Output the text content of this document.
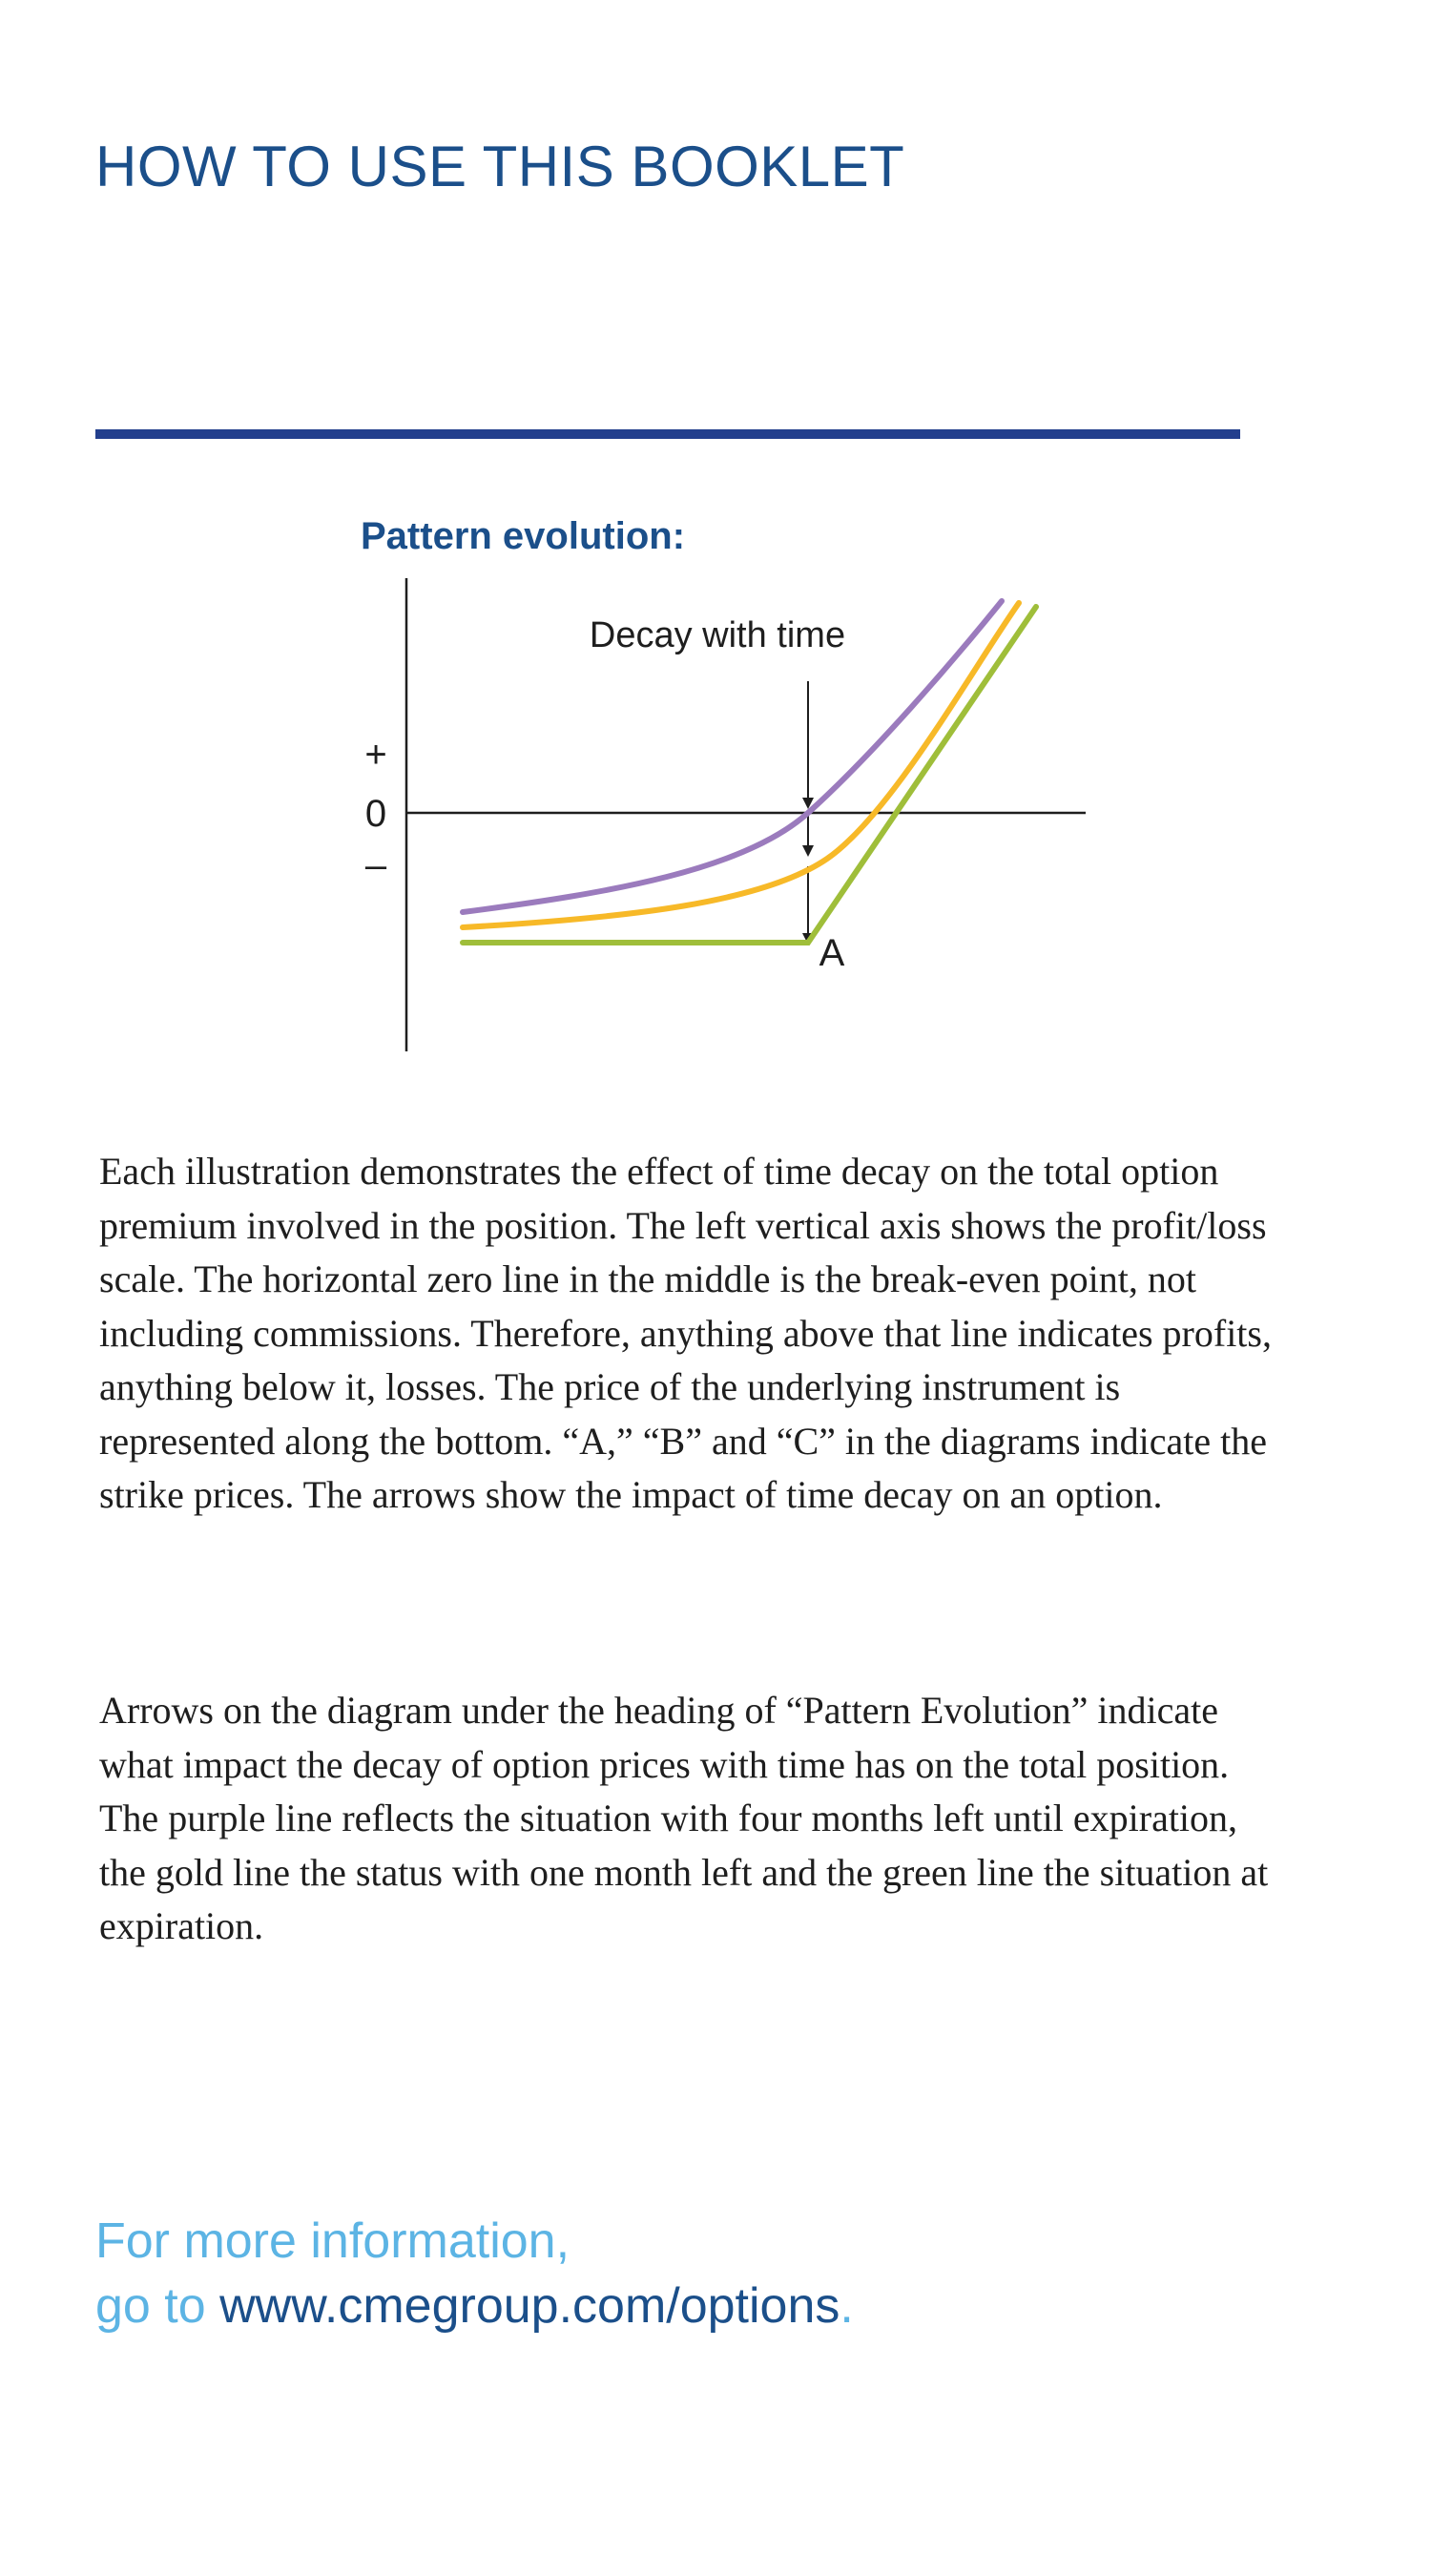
HOW TO USE THIS BOOKLET
Pattern evolution:
+
0
–
Decay with time
A

Each illustration demonstrates the effect of time decay on the total option premium involved in the position. The left vertical axis shows the profit/loss scale. The horizontal zero line in the middle is the break-even point, not including commissions. Therefore, anything above that line indicates profits, anything below it, losses. The price of the underlying instrument is represented along the bottom. “A,” “B” and “C” in the diagrams indicate the strike prices. The arrows show the impact of time decay on an option.

Arrows on the diagram under the heading of “Pattern Evolution” indicate what impact the decay of option prices with time has on the total position. The purple line reflects the situation with four months left until expiration, the gold line the status with one month left and the green line the situation at expiration.

For more information,
go to www.cmegroup.com/options.
